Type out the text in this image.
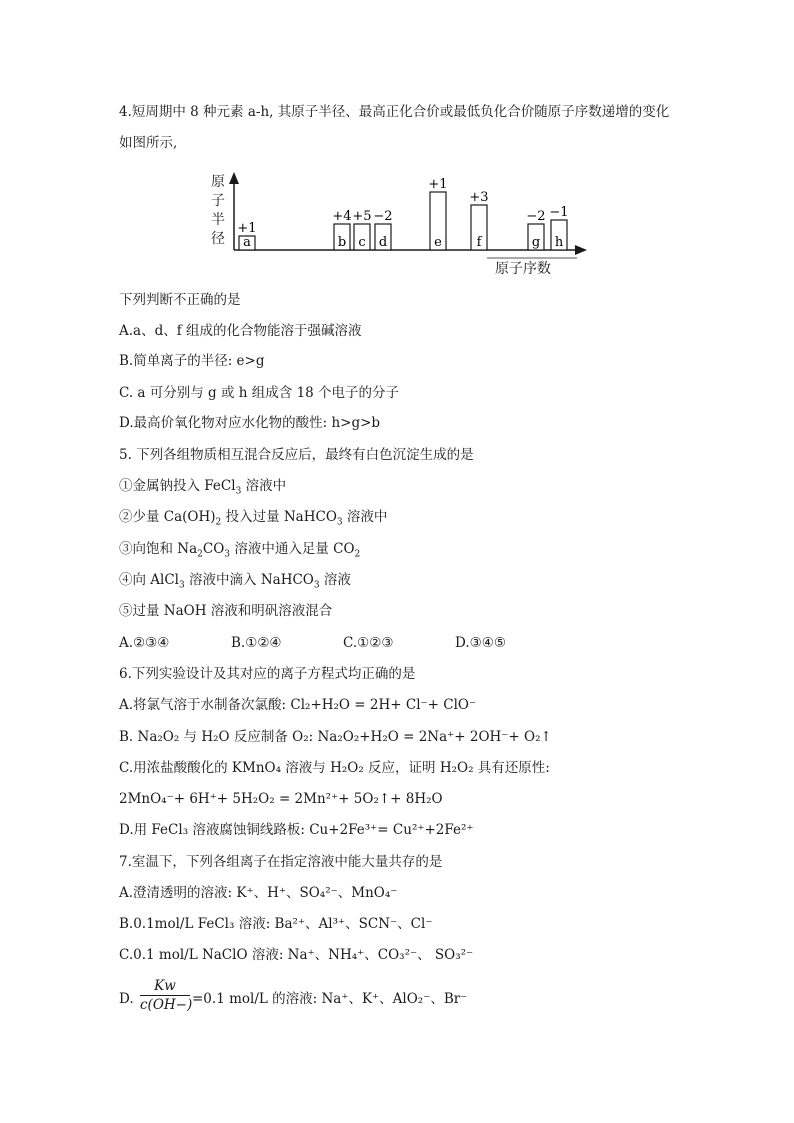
4.短周期中 8 种元素 a-h, 其原子半径、最高正化合价或最低负化合价随原子序数递增的变化
如图所示,
原
子
半
径
原子序数
a
+1
b
+4
c
+5
d
−2
e
+1
f
+3
g
−2
h
−1
下列判断不正确的是
A.a、d、f 组成的化合物能溶于强碱溶液
B.简单离子的半径: e>g
C. a 可分别与 g 或 h 组成含 18 个电子的分子
D.最高价氧化物对应水化物的酸性: h>g>b
5. 下列各组物质相互混合反应后，最终有白色沉淀生成的是
①金属钠投入 FeCl$_3$ 溶液中
②少量 $Ca(OH)_2$ 投入过量 NaHCO$_3$ 溶液中
③向饱和 $Na_2CO_3$ 溶液中通入足量 $CO_2$
④向 AlCl$_3$ 溶液中滴入 NaHCO$_3$ 溶液
⑤过量 NaOH 溶液和明矾溶液混合
A.②③④	B.①②④	C.①②③	D.③④⑤
6.下列实验设计及其对应的离子方程式均正确的是
A.将氯气溶于水制备次氯酸: Cl₂+H₂O = 2H+ Cl⁻+ ClO⁻
B. Na₂O₂ 与 H₂O 反应制备 O₂: Na₂O₂+H₂O = 2Na⁺+ 2OH⁻+ O₂↑
C.用浓盐酸酸化的 KMnO₄ 溶液与 H₂O₂ 反应，证明 H₂O₂ 具有还原性:
2MnO₄⁻+ 6H⁺+ 5H₂O₂ = 2Mn²⁺+ 5O₂↑+ 8H₂O
D.用 FeCl₃ 溶液腐蚀铜线路板: Cu+2Fe³⁺= Cu²⁺+2Fe²⁺
7.室温下，下列各组离子在指定溶液中能大量共存的是
A.澄清透明的溶液: K⁺、H⁺、SO₄²⁻、MnO₄⁻
B.0.1mol/L FeCl₃ 溶液: Ba²⁺、Al³⁺、SCN⁻、Cl⁻
C.0.1 mol/L NaClO 溶液: Na⁺、NH₄⁺、CO₃²⁻、 SO₃²⁻
D. $\frac{Kw}{c(OH-)} =0.1$ mol/L 的溶液: Na⁺、K⁺、AlO₂⁻、Br⁻
